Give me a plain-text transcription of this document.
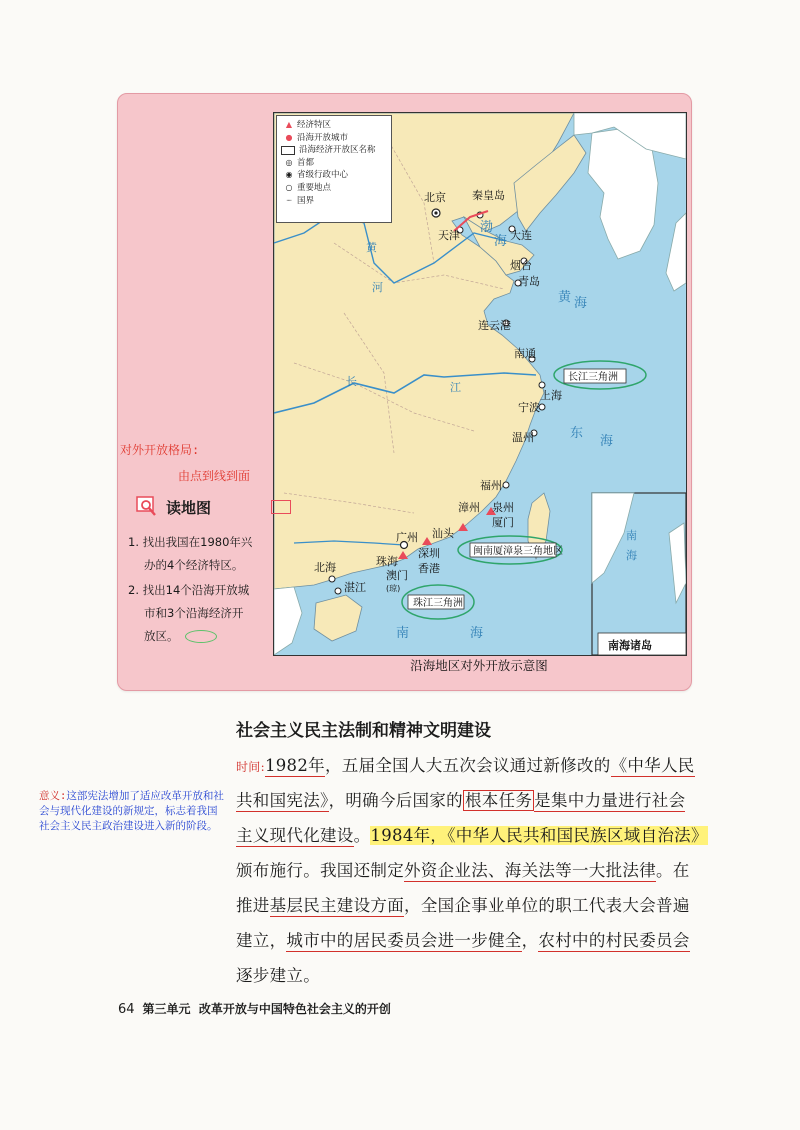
北京 秦皇岛
天津	大连
烟台
青岛
连云港
南通
上海
宁波
温州
福州
漳州 泉州
厦门
汕头
广州
深圳
珠海
香港
澳门
北海
湛江	(琼)
长江三角洲
闽南厦漳泉三角地区
珠江三角洲
南海诸岛
渤
海
黄 海
东
海
南	海
南
海
黄
河
长	江
▲ 经济特区
● 沿海开放城市
沿海经济开放区名称
◎ 首都
◉ 省级行政中心
○ 重要地点
┈ 国界
沿海地区对外开放示意图
对外开放格局:
由点到线到面
读地图
1. 找出我国在1980年兴
办的4个经济特区。
2. 找出14个沿海开放城
市和3个沿海经济开
放区。
社会主义民主法制和精神文明建设
时间:1982年，五届全国人大五次会议通过新修改的《中华人民
共和国宪法》，明确今后国家的 根本任务 是集中力量进行社会
主义现代化建设。1984年，《中华人民共和国民族区域自治法》
颁布施行。我国还制定外资企业法、海关法等一大批法律。在
推进基层民主建设方面，全国企事业单位的职工代表大会普遍
建立，城市中的居民委员会进一步健全，农村中的村民委员会
逐步建立。
意义:这部宪法增加了适应改革开放和社会与现代化建设的新规定，标志着我国社会主义民主政治建设进入新的阶段。
64 第三单元 改革开放与中国特色社会主义的开创
